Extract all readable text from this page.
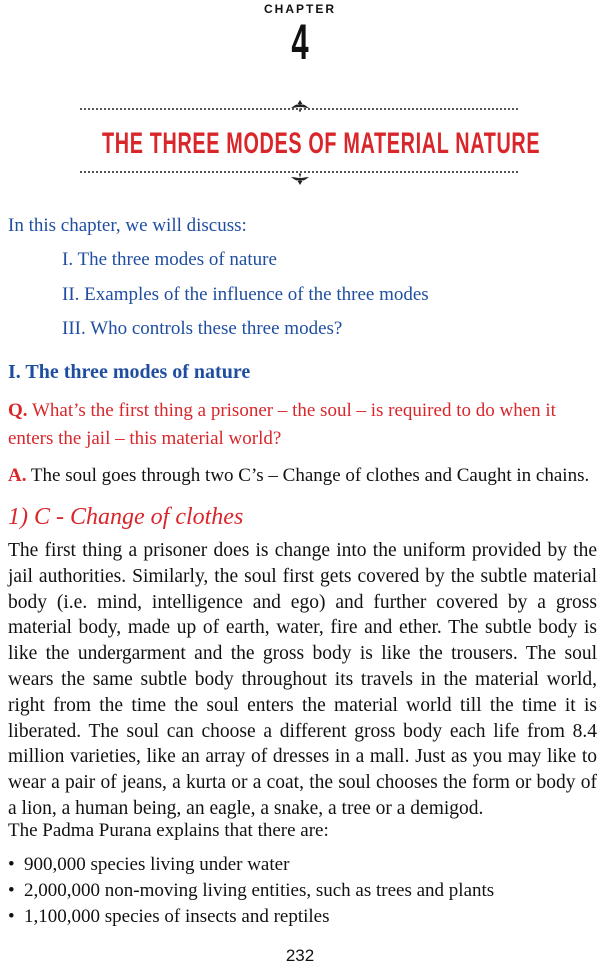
CHAPTER
4
THE THREE MODES OF MATERIAL NATURE
In this chapter, we will discuss:
I. The three modes of nature
II. Examples of the influence of the three modes
III. Who controls these three modes?
I. The three modes of nature
Q. What’s the first thing a prisoner – the soul – is required to do when it enters the jail – this material world?
A. The soul goes through two C’s – Change of clothes and Caught in chains.
1) C - Change of clothes
The first thing a prisoner does is change into the uniform provided by the jail authorities. Similarly, the soul first gets covered by the subtle material body (i.e. mind, intelligence and ego) and further covered by a gross material body, made up of earth, water, fire and ether. The subtle body is like the undergarment and the gross body is like the trousers. The soul wears the same subtle body throughout its travels in the material world, right from the time the soul enters the material world till the time it is liberated. The soul can choose a different gross body each life from 8.4 million varieties, like an array of dresses in a mall. Just as you may like to wear a pair of jeans, a kurta or a coat, the soul chooses the form or body of a lion, a human being, an eagle, a snake, a tree or a demigod.
The Padma Purana explains that there are:
• 900,000 species living under water
• 2,000,000 non-moving living entities, such as trees and plants
• 1,100,000 species of insects and reptiles
232
